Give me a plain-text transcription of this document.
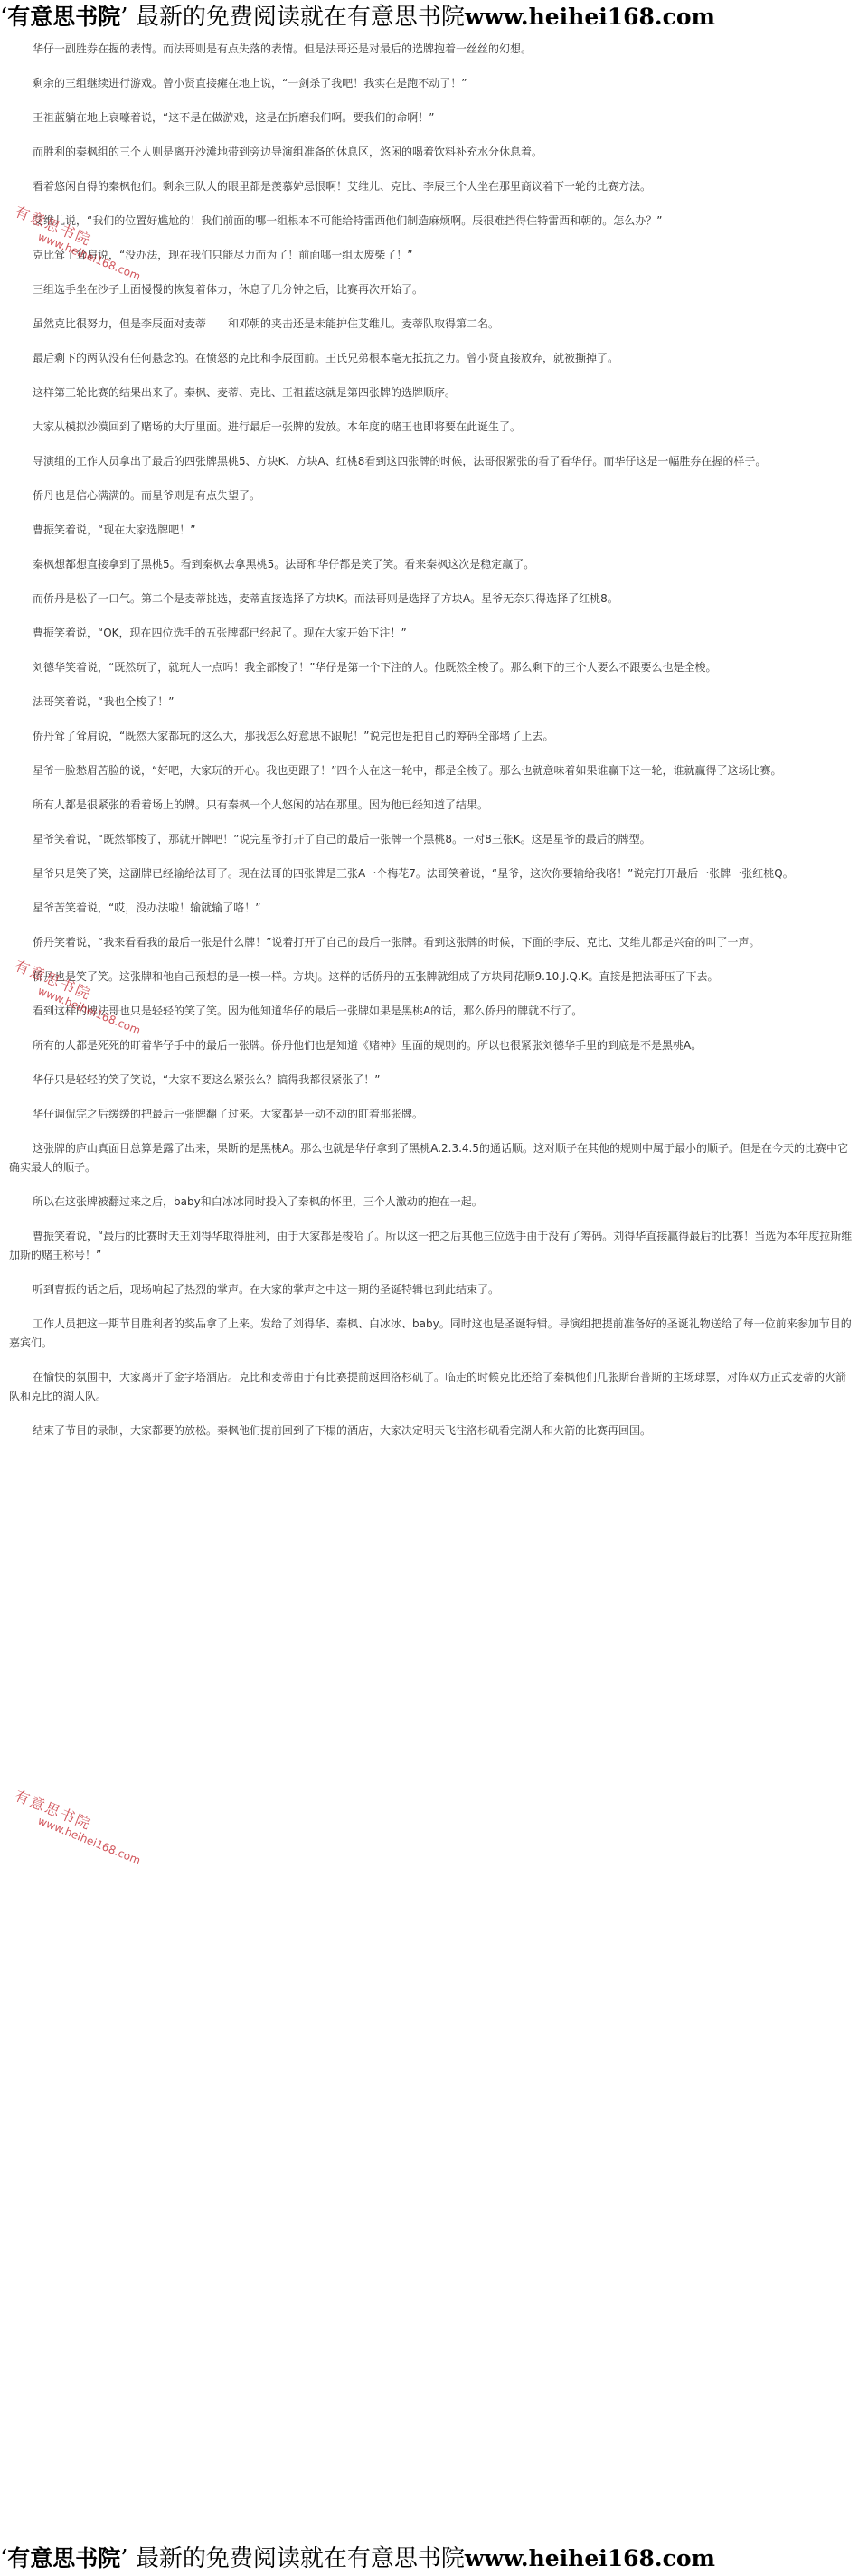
‘有意思书院’ 最新的免费阅读就在有意思书院www.heihei168.com

华仔一副胜券在握的表情。而法哥则是有点失落的表情。但是法哥还是对最后的选牌抱着一丝丝的幻想。

剩余的三组继续进行游戏。曾小贤直接瘫在地上说，“一剑杀了我吧！我实在是跑不动了！”

王祖蓝躺在地上哀嚎着说，“这不是在做游戏，这是在折磨我们啊。要我们的命啊！”

而胜利的秦枫组的三个人则是离开沙滩地带到旁边导演组准备的休息区，悠闲的喝着饮料补充水分休息着。

看着悠闲自得的秦枫他们。剩余三队人的眼里都是羡慕妒忌恨啊！艾维儿、克比、李辰三个人坐在那里商议着下一轮的比赛方法。

艾维儿说，“我们的位置好尴尬的！我们前面的哪一组根本不可能给特雷西他们制造麻烦啊。辰很难挡得住特雷西和朝的。怎么办？”

克比耸了耸肩说，“没办法，现在我们只能尽力而为了！前面哪一组太废柴了！”

三组选手坐在沙子上面慢慢的恢复着体力，休息了几分钟之后，比赛再次开始了。

虽然克比很努力，但是李辰面对麦蒂　　和邓朝的夹击还是未能护住艾维儿。麦蒂队取得第二名。

最后剩下的两队没有任何悬念的。在愤怒的克比和李辰面前。王氏兄弟根本毫无抵抗之力。曾小贤直接放弃，就被撕掉了。

这样第三轮比赛的结果出来了。秦枫、麦蒂、克比、王祖蓝这就是第四张牌的选牌顺序。

大家从模拟沙漠回到了赌场的大厅里面。进行最后一张牌的发放。本年度的赌王也即将要在此诞生了。

导演组的工作人员拿出了最后的四张牌黑桃5、方块K、方块A、红桃8看到这四张牌的时候，法哥很紧张的看了看华仔。而华仔这是一幅胜券在握的样子。

侨丹也是信心满满的。而星爷则是有点失望了。

曹振笑着说，“现在大家选牌吧！”

秦枫想都想直接拿到了黑桃5。看到秦枫去拿黑桃5。法哥和华仔都是笑了笑。看来秦枫这次是稳定赢了。

而侨丹是松了一口气。第二个是麦蒂挑选，麦蒂直接选择了方块K。而法哥则是选择了方块A。星爷无奈只得选择了红桃8。

曹振笑着说，“OK，现在四位选手的五张牌都已经起了。现在大家开始下注！”

刘德华笑着说，“既然玩了，就玩大一点吗！我全部梭了！”华仔是第一个下注的人。他既然全梭了。那么剩下的三个人要么不跟要么也是全梭。

法哥笑着说，“我也全梭了！”

侨丹耸了耸肩说，“既然大家都玩的这么大，那我怎么好意思不跟呢！”说完也是把自己的筹码全部堵了上去。

星爷一脸愁眉苦脸的说，“好吧，大家玩的开心。我也更跟了！”四个人在这一轮中，都是全梭了。那么也就意味着如果谁赢下这一轮，谁就赢得了这场比赛。

所有人都是很紧张的看着场上的牌。只有秦枫一个人悠闲的站在那里。因为他已经知道了结果。

星爷笑着说，“既然都梭了，那就开牌吧！”说完星爷打开了自己的最后一张牌一个黑桃8。一对8三张K。这是星爷的最后的牌型。

星爷只是笑了笑，这副牌已经输给法哥了。现在法哥的四张牌是三张A一个梅花7。法哥笑着说，“星爷，这次你要输给我咯！”说完打开最后一张牌一张红桃Q。

星爷苦笑着说，“哎，没办法啦！输就输了咯！”

侨丹笑着说，“我来看看我的最后一张是什么牌！”说着打开了自己的最后一张牌。看到这张牌的时候，下面的李辰、克比、艾维儿都是兴奋的叫了一声。

侨丹也是笑了笑。这张牌和他自己预想的是一模一样。方块J。这样的话侨丹的五张牌就组成了方块同花顺9.10.J.Q.K。直接是把法哥压了下去。

看到这样的牌法哥也只是轻轻的笑了笑。因为他知道华仔的最后一张牌如果是黑桃A的话，那么侨丹的牌就不行了。

所有的人都是死死的盯着华仔手中的最后一张牌。侨丹他们也是知道《赌神》里面的规则的。所以也很紧张刘德华手里的到底是不是黑桃A。

华仔只是轻轻的笑了笑说，“大家不要这么紧张么？搞得我都很紧张了！”

华仔调侃完之后缓缓的把最后一张牌翻了过来。大家都是一动不动的盯着那张牌。

这张牌的庐山真面目总算是露了出来，果断的是黑桃A。那么也就是华仔拿到了黑桃A.2.3.4.5的通话顺。这对顺子在其他的规则中属于最小的顺子。但是在今天的比赛中它确实最大的顺子。

所以在这张牌被翻过来之后，baby和白冰冰同时投入了秦枫的怀里，三个人激动的抱在一起。

曹振笑着说，“最后的比赛时天王刘得华取得胜利，由于大家都是梭哈了。所以这一把之后其他三位选手由于没有了筹码。刘得华直接赢得最后的比赛！当选为本年度拉斯维加斯的赌王称号！”

听到曹振的话之后，现场响起了热烈的掌声。在大家的掌声之中这一期的圣诞特辑也到此结束了。

工作人员把这一期节目胜利者的奖品拿了上来。发给了刘得华、秦枫、白冰冰、baby。同时这也是圣诞特辑。导演组把提前准备好的圣诞礼物送给了每一位前来参加节目的嘉宾们。

在愉快的氛围中，大家离开了金字塔酒店。克比和麦蒂由于有比赛提前返回洛杉矶了。临走的时候克比还给了秦枫他们几张斯台普斯的主场球票，对阵双方正式麦蒂的火箭队和克比的湖人队。

结束了节目的录制，大家都要的放松。秦枫他们提前回到了下榻的酒店，大家决定明天飞往洛杉矶看完湖人和火箭的比赛再回国。

有意思书院
www.heihei168.com
有意思书院
www.heihei168.com
有意思书院
www.heihei168.com
‘有意思书院’ 最新的免费阅读就在有意思书院www.heihei168.com
